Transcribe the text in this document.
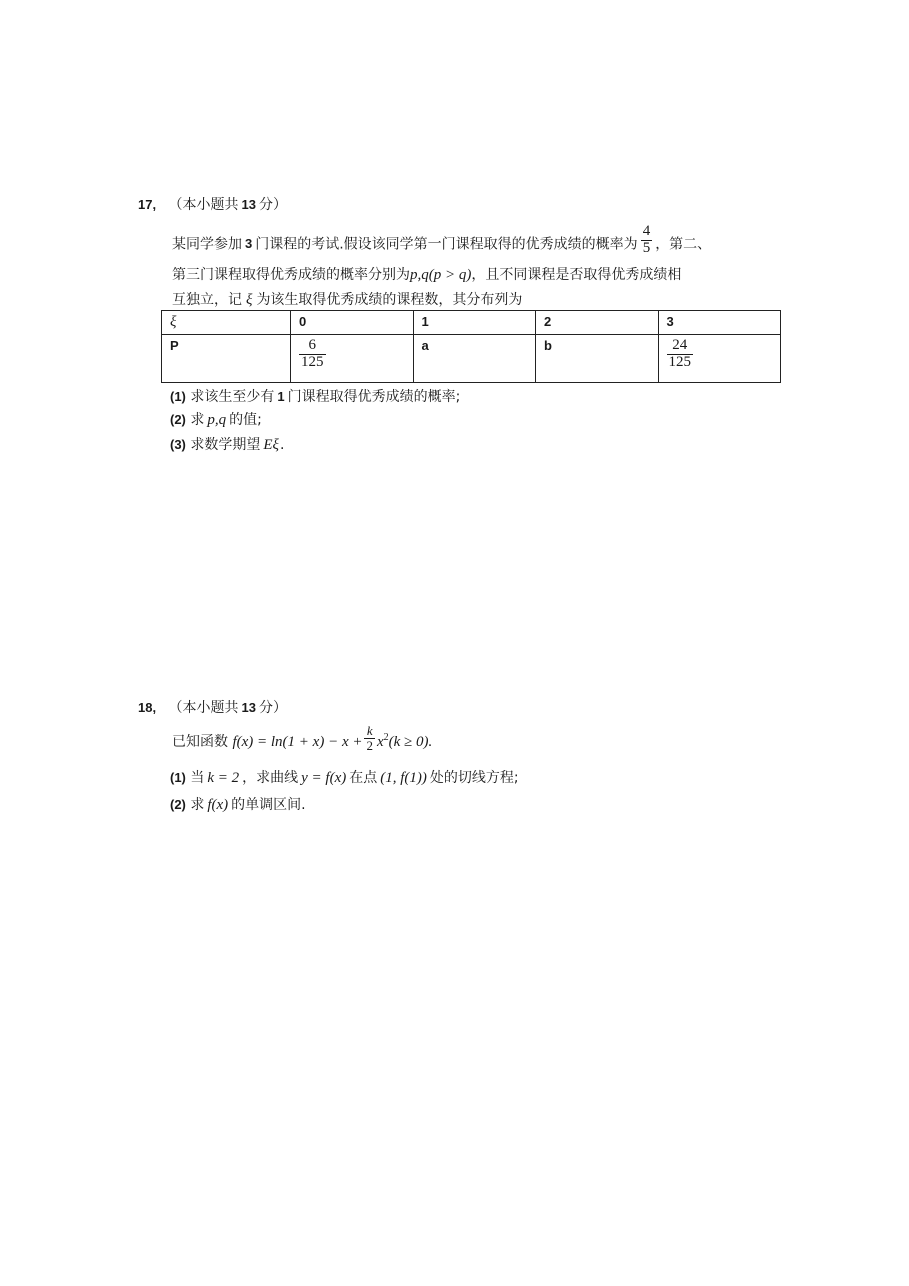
17, （本小题共 13 分）
某同学参加 3 门课程的考试.假设该同学第一门课程取得的优秀成绩的概率为 $\frac{4}{5}$ ，第二、
第三门课程取得优秀成绩的概率分别为p,q(p > q)，且不同课程是否取得优秀成绩相
互独立，记 ξ 为该生取得优秀成绩的课程数，其分布列为
ξ	0	1	2	3
P	$\frac{6}{125}$	a	b	$\frac{24}{125}$
(1) 求该生至少有 1 门课程取得优秀成绩的概率;
(2) 求 p,q 的值;
(3) 求数学期望 Eξ.
18, （本小题共 13 分）
已知函数 $f(x) = \ln(1 + x) - x + \frac{k}{2} x^2(k \ge 0)$.
(1) 当 k = 2 ，求曲线 y = f(x) 在点 (1, f(1)) 处的切线方程;
(2) 求 f(x) 的单调区间.
